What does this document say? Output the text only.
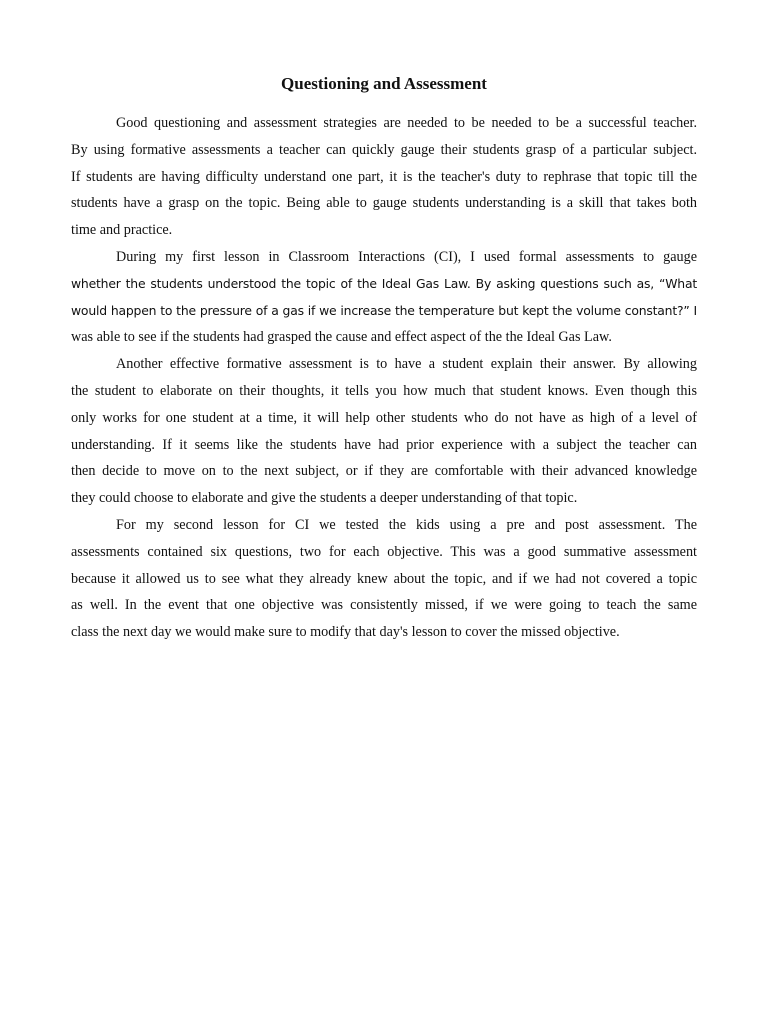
Questioning and Assessment

Good questioning and assessment strategies are needed to be needed to be a successful teacher.
By using formative assessments a teacher can quickly gauge their students grasp of a particular subject.
If students are having difficulty understand one part, it is the teacher's duty to rephrase that topic till the
students have a grasp on the topic. Being able to gauge students understanding is a skill that takes both
time and practice.

During my first lesson in Classroom Interactions (CI), I used formal assessments to gauge
whether the students understood the topic of the Ideal Gas Law. By asking questions such as, “What
would happen to the pressure of a gas if we increase the temperature but kept the volume constant?” I
was able to see if the students had grasped the cause and effect aspect of the the Ideal Gas Law.

Another effective formative assessment is to have a student explain their answer. By allowing
the student to elaborate on their thoughts, it tells you how much that student knows. Even though this
only works for one student at a time, it will help other students who do not have as high of a level of
understanding. If it seems like the students have had prior experience with a subject the teacher can
then decide to move on to the next subject, or if they are comfortable with their advanced knowledge
they could choose to elaborate and give the students a deeper understanding of that topic.

For my second lesson for CI we tested the kids using a pre and post assessment. The
assessments contained six questions, two for each objective. This was a good summative assessment
because it allowed us to see what they already knew about the topic, and if we had not covered a topic
as well. In the event that one objective was consistently missed, if we were going to teach the same
class the next day we would make sure to modify that day's lesson to cover the missed objective.
